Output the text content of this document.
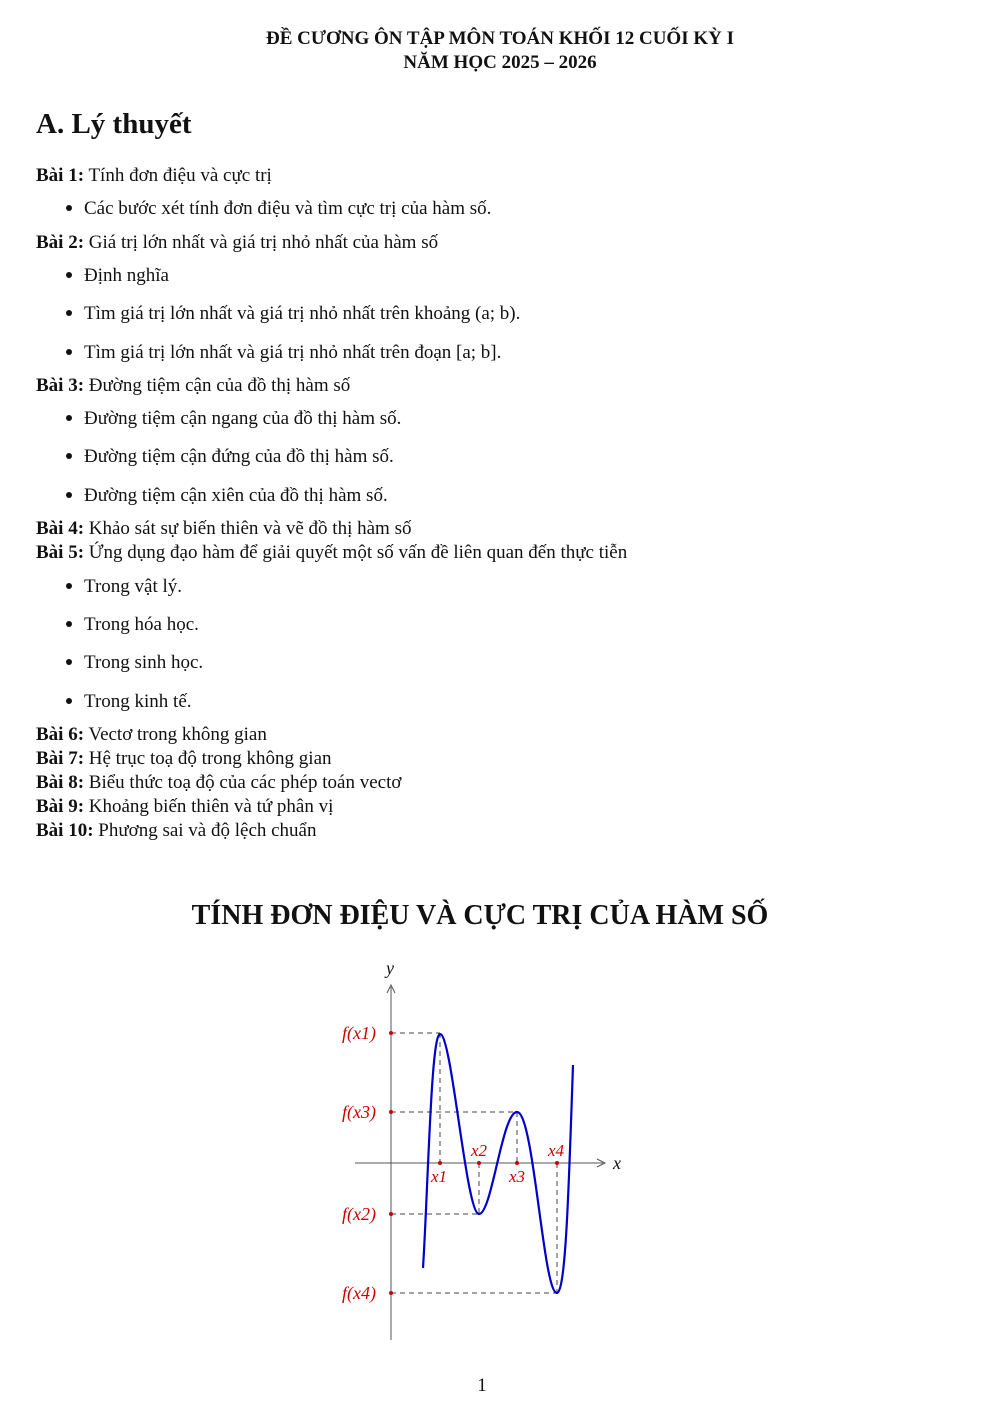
ĐỀ CƯƠNG ÔN TẬP MÔN TOÁN KHỐI 12 CUỐI KỲ I
NĂM HỌC 2025 – 2026
A. Lý thuyết
Bài 1: Tính đơn điệu và cực trị
Các bước xét tính đơn điệu và tìm cực trị của hàm số.
Bài 2: Giá trị lớn nhất và giá trị nhỏ nhất của hàm số
Định nghĩa
Tìm giá trị lớn nhất và giá trị nhỏ nhất trên khoảng (a; b).
Tìm giá trị lớn nhất và giá trị nhỏ nhất trên đoạn [a; b].
Bài 3: Đường tiệm cận của đồ thị hàm số
Đường tiệm cận ngang của đồ thị hàm số.
Đường tiệm cận đứng của đồ thị hàm số.
Đường tiệm cận xiên của đồ thị hàm số.
Bài 4: Khảo sát sự biến thiên và vẽ đồ thị hàm số
Bài 5: Ứng dụng đạo hàm để giải quyết một số vấn đề liên quan đến thực tiễn
Trong vật lý.
Trong hóa học.
Trong sinh học.
Trong kinh tế.
Bài 6: Vectơ trong không gian
Bài 7: Hệ trục toạ độ trong không gian
Bài 8: Biểu thức toạ độ của các phép toán vectơ
Bài 9: Khoảng biến thiên và tứ phân vị
Bài 10: Phương sai và độ lệch chuẩn
TÍNH ĐƠN ĐIỆU VÀ CỰC TRỊ CỦA HÀM SỐ
x
y
f(x1)
f(x3)
f(x2)
f(x4)
x1
x2
x3
x4
1
